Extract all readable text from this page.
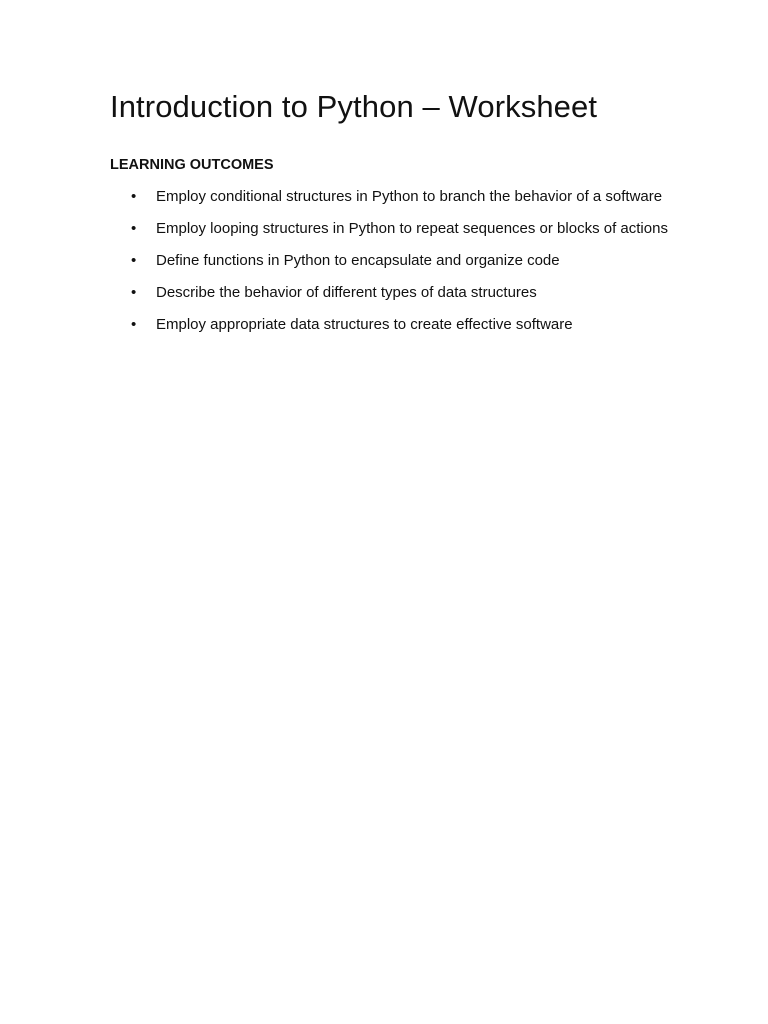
Introduction to Python – Worksheet
LEARNING OUTCOMES
• Employ conditional structures in Python to branch the behavior of a software
• Employ looping structures in Python to repeat sequences or blocks of actions
• Define functions in Python to encapsulate and organize code
• Describe the behavior of different types of data structures
• Employ appropriate data structures to create effective software
